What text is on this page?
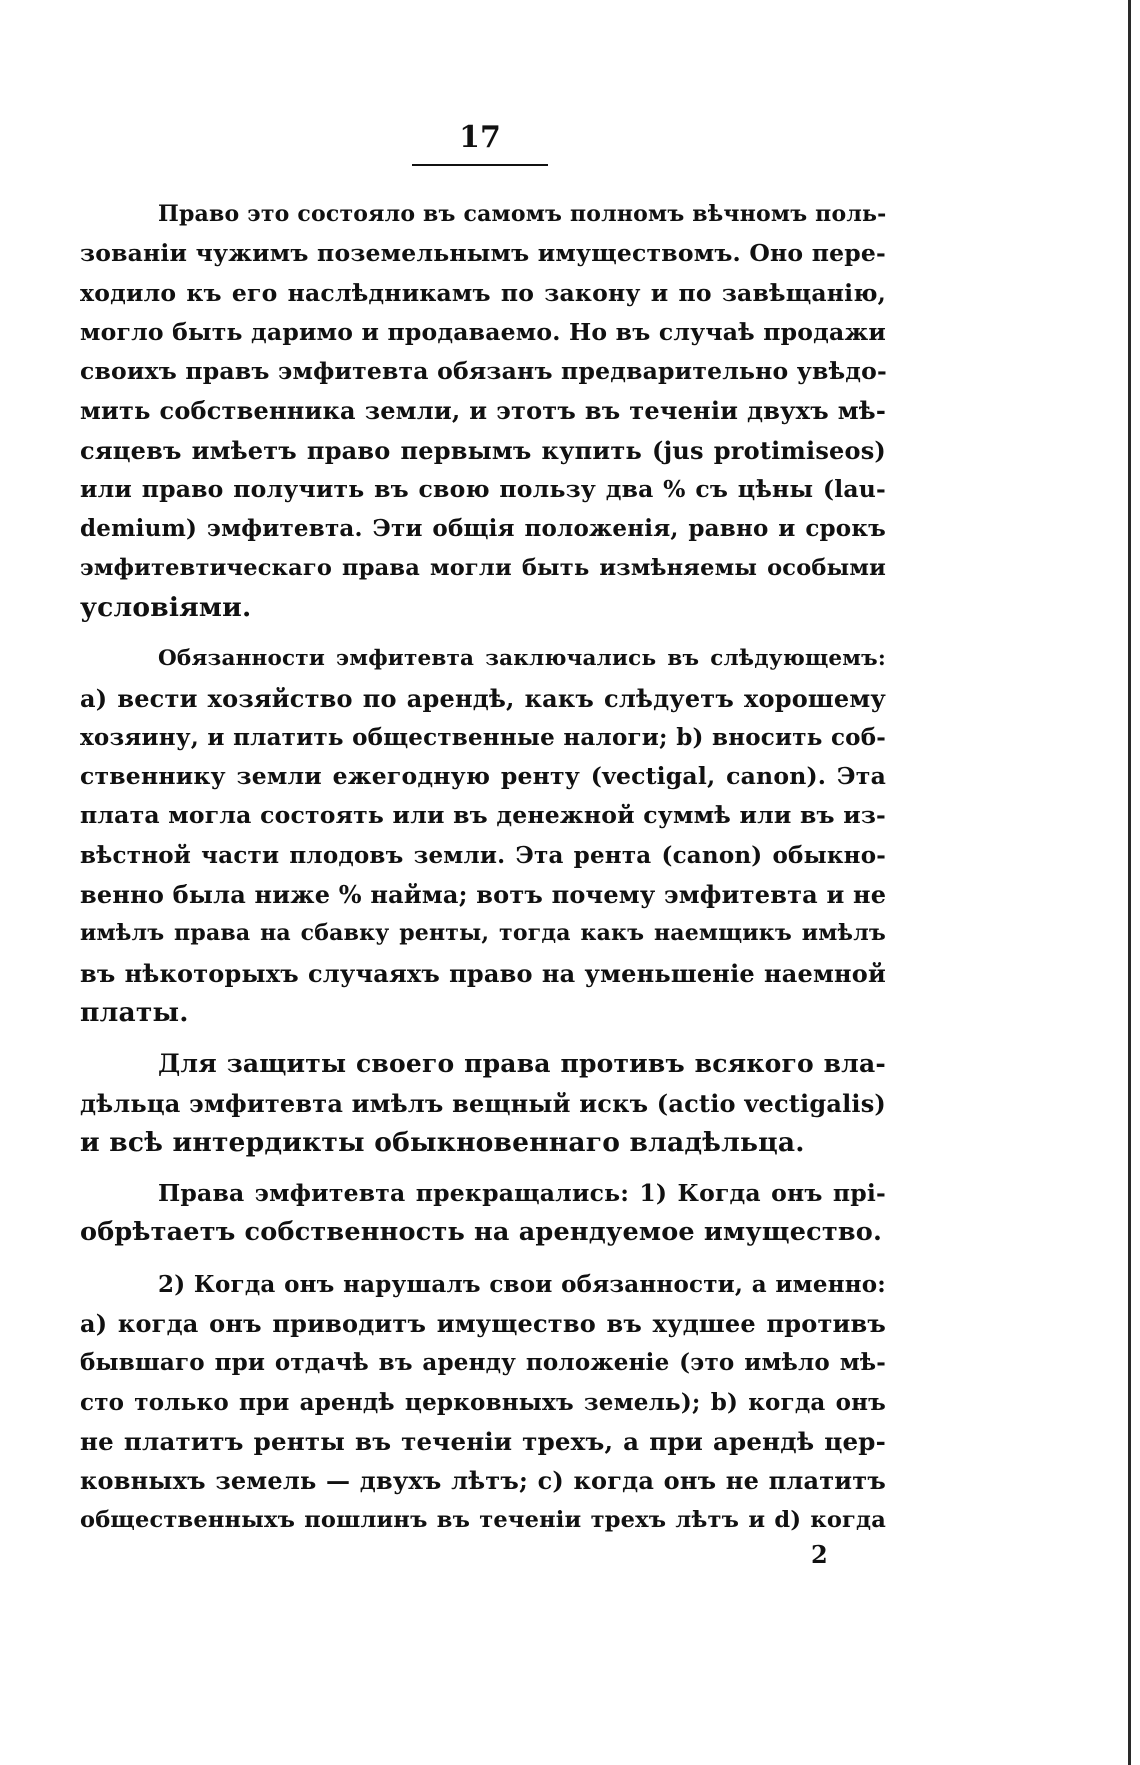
17
Право это состояло въ самомъ полномъ вѣчномъ поль-
зованіи чужимъ поземельнымъ имуществомъ. Оно пере-
ходило къ его наслѣдникамъ по закону и по завѣщанію,
могло быть даримо и продаваемо. Но въ случаѣ продажи
своихъ правъ эмфитевта обязанъ предварительно увѣдо-
мить собственника земли, и этотъ въ теченіи двухъ мѣ-
сяцевъ имѣетъ право первымъ купить (jus protimiseos)
или право получить въ свою пользу два % съ цѣны (lau-
demium) эмфитевта. Эти общія положенія, равно и срокъ
эмфитевтическаго права могли быть измѣняемы особыми
условіями.
Обязанности эмфитевта заключались въ слѣдующемъ:
a) вести хозяйство по арендѣ, какъ слѣдуетъ хорошему
хозяину, и платить общественные налоги; b) вносить соб-
ственнику земли ежегодную ренту (vectigal, canon). Эта
плата могла состоять или въ денежной суммѣ или въ из-
вѣстной части плодовъ земли. Эта рента (canon) обыкно-
венно была ниже % найма; вотъ почему эмфитевта и не
имѣлъ права на сбавку ренты, тогда какъ наемщикъ имѣлъ
въ нѣкоторыхъ случаяхъ право на уменьшеніе наемной
платы.
Для защиты своего права противъ всякого вла-
дѣльца эмфитевта имѣлъ вещный искъ (actio vectigalis)
и всѣ интердикты обыкновеннаго владѣльца.
Права эмфитевта прекращались: 1) Когда онъ прі-
обрѣтаетъ собственность на арендуемое имущество.
2) Когда онъ нарушалъ свои обязанности, а именно:
a) когда онъ приводитъ имущество въ худшее противъ
бывшаго при отдачѣ въ аренду положеніе (это имѣло мѣ-
сто только при арендѣ церковныхъ земель); b) когда онъ
не платитъ ренты въ теченіи трехъ, а при арендѣ цер-
ковныхъ земель — двухъ лѣтъ; с) когда онъ не платитъ
общественныхъ пошлинъ въ теченіи трехъ лѣтъ и d) когда
2
